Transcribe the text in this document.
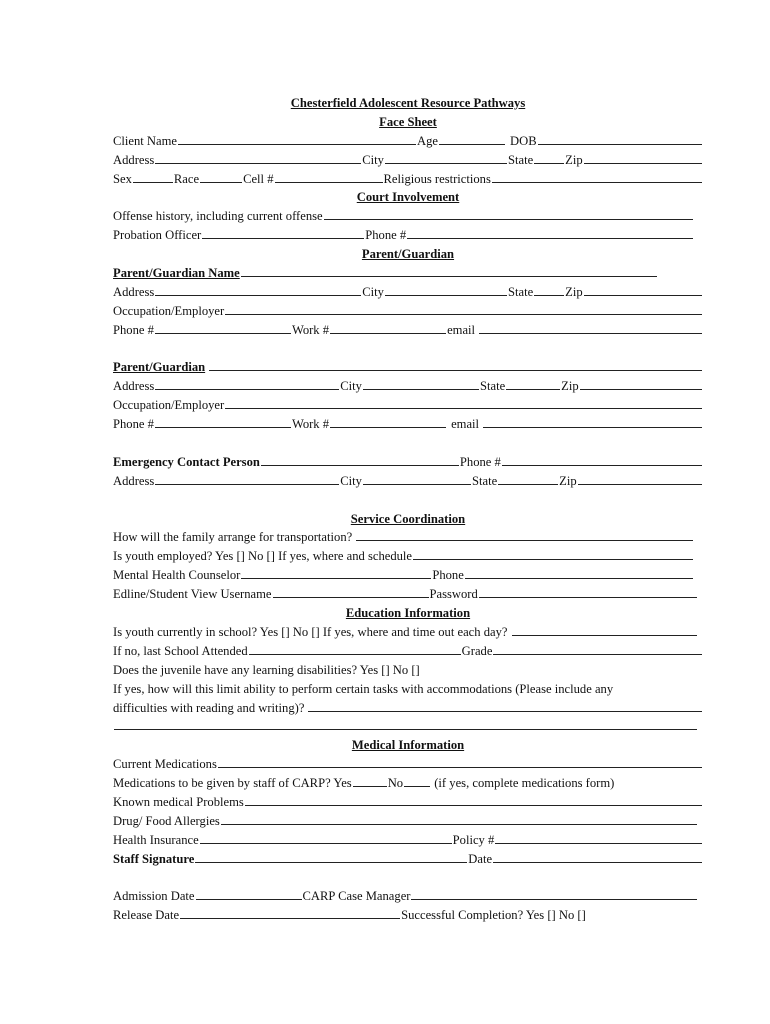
Chesterfield Adolescent Resource Pathways
Face Sheet
Client Name	Age	DOB
Address	City	State	Zip
Sex	Race	Cell #	Religious restrictions
Court Involvement
Offense history, including current offense
Probation Officer	Phone #
Parent/Guardian
Parent/Guardian Name
Address	City	State	Zip
Occupation/Employer
Phone #	Work #	email
Parent/Guardian
Address	City	State	Zip
Occupation/Employer
Phone #	Work #	email
Emergency Contact Person	Phone #
Address	City	State	Zip
Service Coordination
How will the family arrange for transportation?
Is youth employed? Yes [] No [] If yes, where and schedule
Mental Health Counselor	Phone
Edline/Student View Username	Password
Education Information
Is youth currently in school? Yes [] No [] If yes, where and time out each day?
If no, last School Attended	Grade
Does the juvenile have any learning disabilities? Yes [] No []
If yes, how will this limit ability to perform certain tasks with accommodations (Please include any
difficulties with reading and writing)?
Medical Information
Current Medications
Medications to be given by staff of CARP? Yes	No (if yes, complete medications form)
Known medical Problems
Drug/ Food Allergies
Health Insurance	Policy #
Staff Signature	Date
Admission Date	CARP Case Manager
Release Date	Successful Completion? Yes [] No []
